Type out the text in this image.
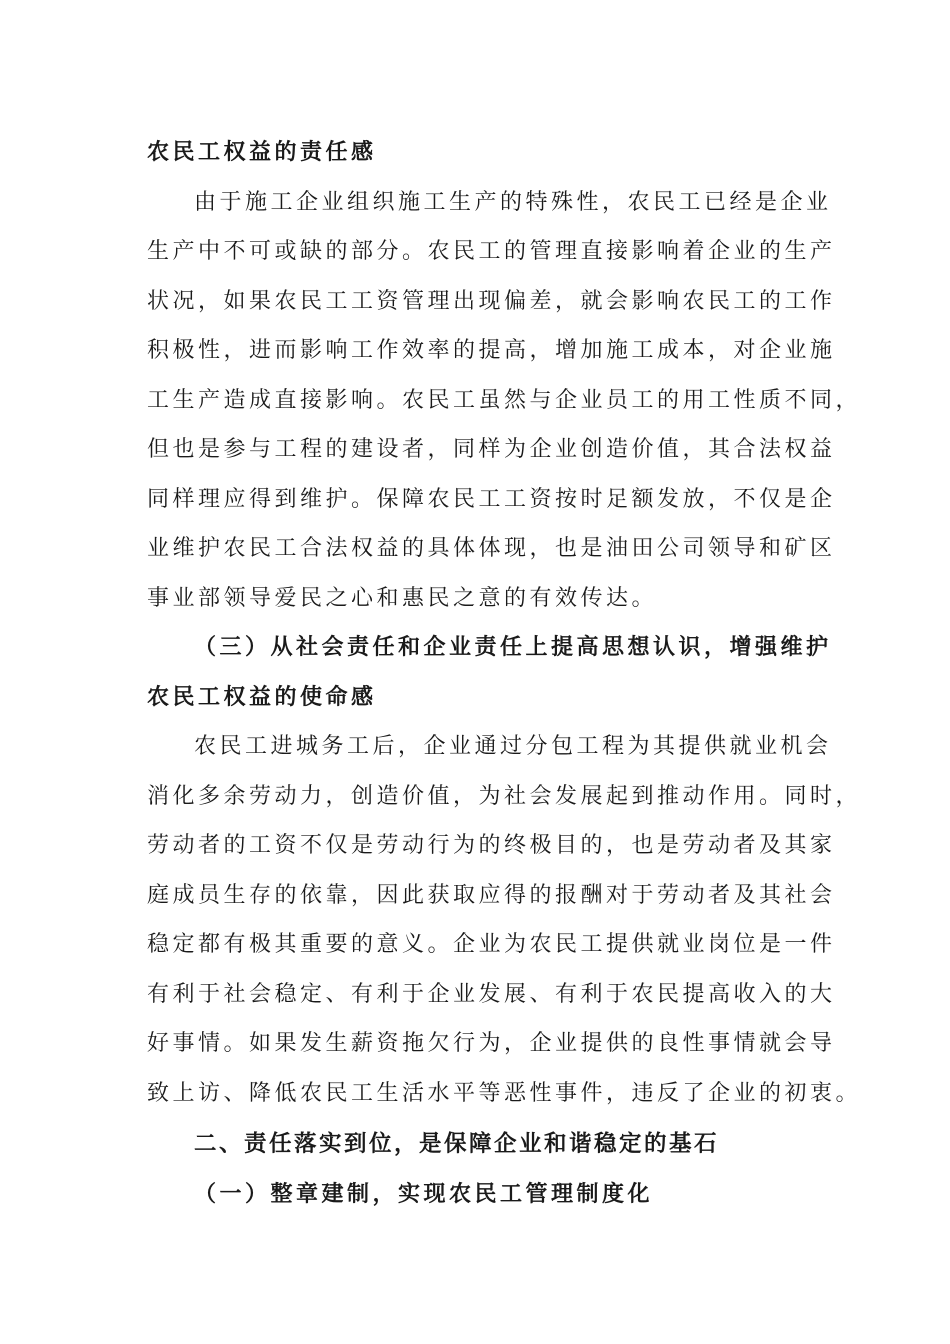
农民工权益的责任感
由于施工企业组织施工生产的特殊性，农民工已经是企业
生产中不可或缺的部分。农民工的管理直接影响着企业的生产
状况，如果农民工工资管理出现偏差，就会影响农民工的工作
积极性，进而影响工作效率的提高，增加施工成本，对企业施
工生产造成直接影响。农民工虽然与企业员工的用工性质不同，
但也是参与工程的建设者，同样为企业创造价值，其合法权益
同样理应得到维护。保障农民工工资按时足额发放，不仅是企
业维护农民工合法权益的具体体现，也是油田公司领导和矿区
事业部领导爱民之心和惠民之意的有效传达。
（三）从社会责任和企业责任上提高思想认识，增强维护
农民工权益的使命感
农民工进城务工后，企业通过分包工程为其提供就业机会
消化多余劳动力，创造价值，为社会发展起到推动作用。同时，
劳动者的工资不仅是劳动行为的终极目的，也是劳动者及其家
庭成员生存的依靠，因此获取应得的报酬对于劳动者及其社会
稳定都有极其重要的意义。企业为农民工提供就业岗位是一件
有利于社会稳定、有利于企业发展、有利于农民提高收入的大
好事情。如果发生薪资拖欠行为，企业提供的良性事情就会导
致上访、降低农民工生活水平等恶性事件，违反了企业的初衷。
二、责任落实到位，是保障企业和谐稳定的基石
（一）整章建制，实现农民工管理制度化
